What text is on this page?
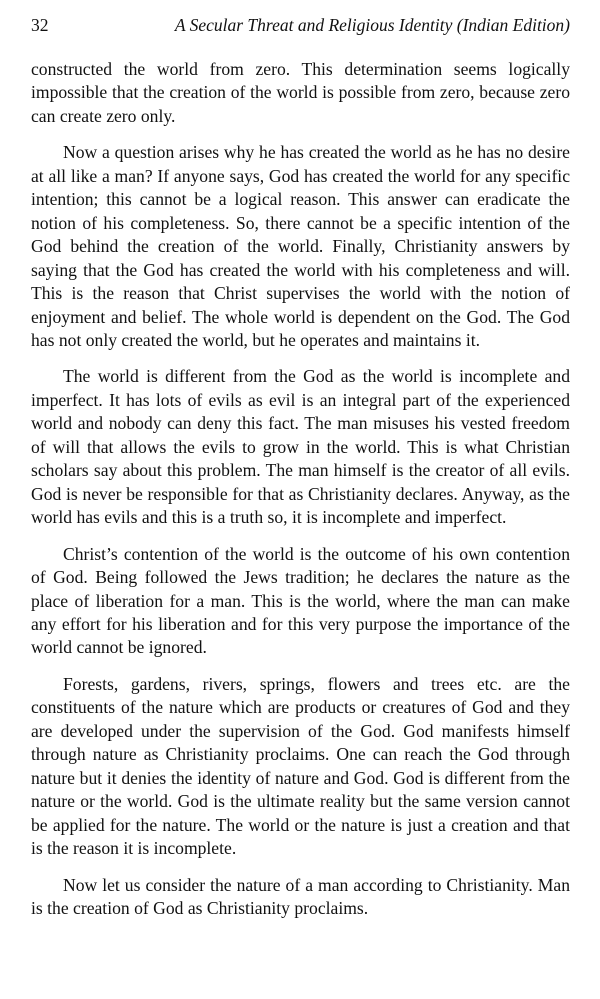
32	A Secular Threat and Religious Identity (Indian Edition)

constructed the world from zero. This determination seems logically impossible that the creation of the world is possible from zero, because zero can create zero only.

Now a question arises why he has created the world as he has no desire at all like a man? If anyone says, God has created the world for any specific intention; this cannot be a logical reason. This answer can eradicate the notion of his completeness. So, there cannot be a specific intention of the God behind the creation of the world. Finally, Christianity answers by saying that the God has created the world with his completeness and will. This is the reason that Christ supervises the world with the notion of enjoyment and belief. The whole world is dependent on the God. The God has not only created the world, but he operates and maintains it.

The world is different from the God as the world is incomplete and imperfect. It has lots of evils as evil is an integral part of the experienced world and nobody can deny this fact. The man misuses his vested freedom of will that allows the evils to grow in the world. This is what Christian scholars say about this problem. The man himself is the creator of all evils. God is never be responsible for that as Christianity declares. Anyway, as the world has evils and this is a truth so, it is incomplete and imperfect.

Christ’s contention of the world is the outcome of his own contention of God. Being followed the Jews tradition; he declares the nature as the place of liberation for a man. This is the world, where the man can make any effort for his liberation and for this very purpose the importance of the world cannot be ignored.

Forests, gardens, rivers, springs, flowers and trees etc. are the constituents of the nature which are products or creatures of God and they are developed under the supervision of the God. God manifests himself through nature as Christianity proclaims. One can reach the God through nature but it denies the identity of nature and God. God is different from the nature or the world. God is the ultimate reality but the same version cannot be applied for the nature. The world or the nature is just a creation and that is the reason it is incomplete.

Now let us consider the nature of a man according to Christianity. Man is the creation of God as Christianity proclaims.
